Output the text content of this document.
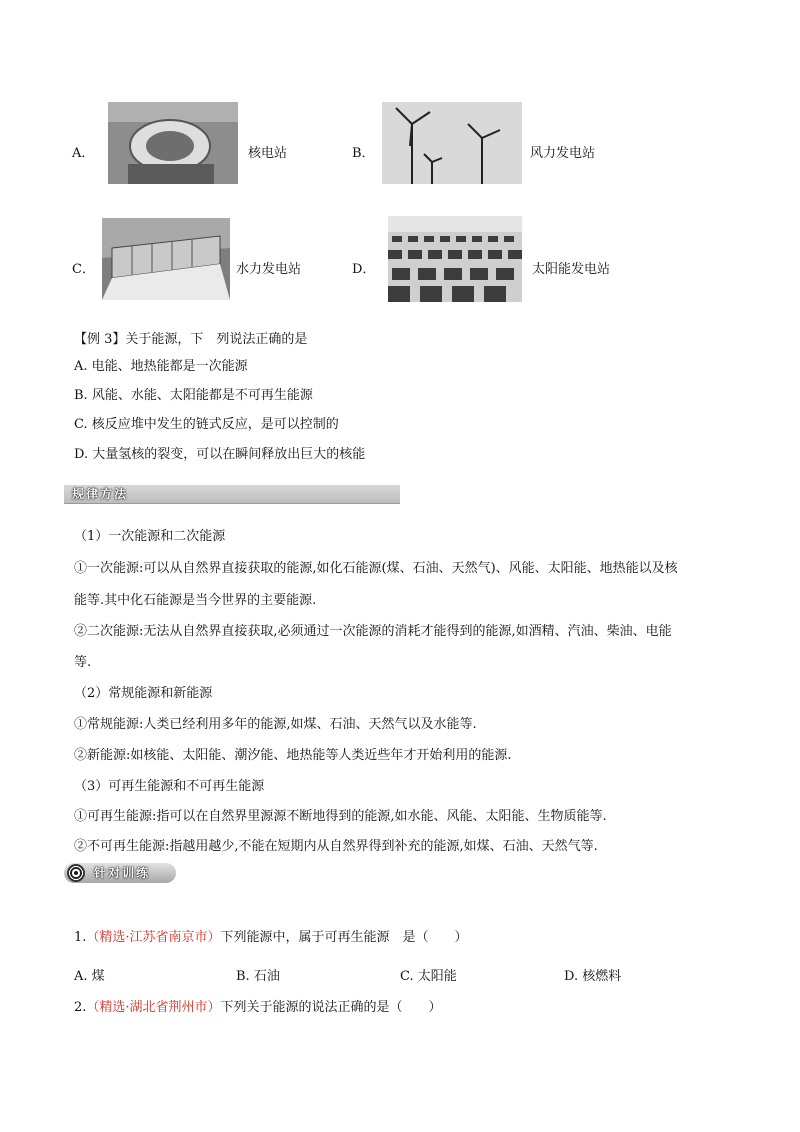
A．	核电站	B．	风力发电站
C．	水力发电站	D．	太阳能发电站
【例 3】关于能源，下　列说法正确的是
A. 电能、地热能都是一次能源
B. 风能、水能、太阳能都是不可再生能源
C. 核反应堆中发生的链式反应，是可以控制的
D. 大量氢核的裂变，可以在瞬间释放出巨大的核能
规律方法
（1）一次能源和二次能源
①一次能源:可以从自然界直接获取的能源,如化石能源(煤、石油、天然气)、风能、太阳能、地热能以及核
能等.其中化石能源是当今世界的主要能源.
②二次能源:无法从自然界直接获取,必须通过一次能源的消耗才能得到的能源,如酒精、汽油、柴油、电能
等.
（2）常规能源和新能源
①常规能源:人类已经利用多年的能源,如煤、石油、天然气以及水能等.
②新能源:如核能、太阳能、潮汐能、地热能等人类近些年才开始利用的能源.
（3）可再生能源和不可再生能源
①可再生能源:指可以在自然界里源源不断地得到的能源,如水能、风能、太阳能、生物质能等.
②不可再生能源:指越用越少,不能在短期内从自然界得到补充的能源,如煤、石油、天然气等.
针对训练
1.（精选·江苏省南京市）下列能源中，属于可再生能源　是（　　）
A. 煤	B. 石油	C. 太阳能	D. 核燃料
2.（精选·湖北省荆州市）下列关于能源的说法正确的是（　　）
